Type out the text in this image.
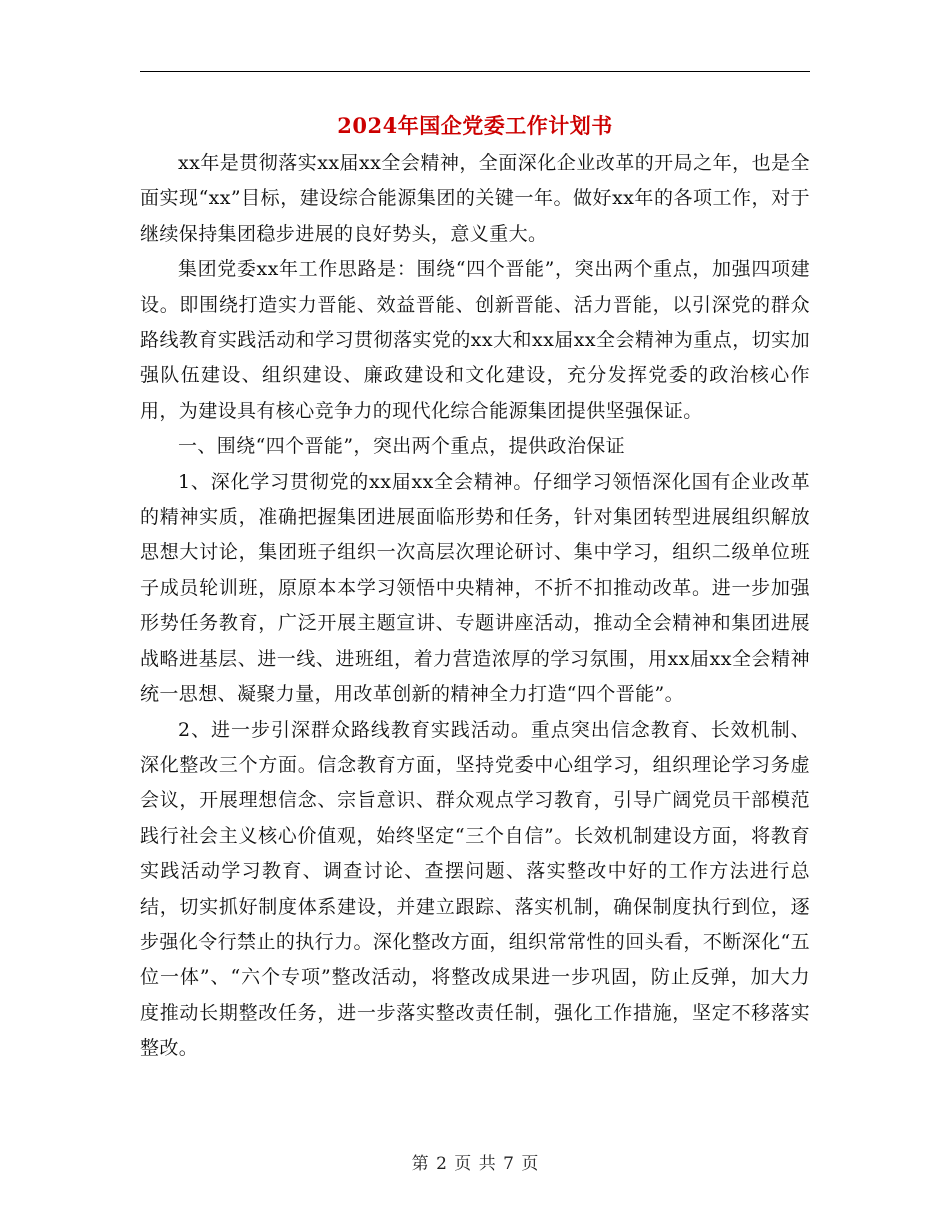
2024年国企党委工作计划书

xx年是贯彻落实xx届xx全会精神，全面深化企业改革的开局之年，也是全面实现“xx”目标，建设综合能源集团的关键一年。做好xx年的各项工作，对于继续保持集团稳步进展的良好势头，意义重大。

集团党委xx年工作思路是：围绕“四个晋能”，突出两个重点，加强四项建设。即围绕打造实力晋能、效益晋能、创新晋能、活力晋能，以引深党的群众路线教育实践活动和学习贯彻落实党的xx大和xx届xx全会精神为重点，切实加强队伍建设、组织建设、廉政建设和文化建设，充分发挥党委的政治核心作用，为建设具有核心竞争力的现代化综合能源集团提供坚强保证。

一、围绕“四个晋能”，突出两个重点，提供政治保证

1、深化学习贯彻党的xx届xx全会精神。仔细学习领悟深化国有企业改革的精神实质，准确把握集团进展面临形势和任务，针对集团转型进展组织解放思想大讨论，集团班子组织一次高层次理论研讨、集中学习，组织二级单位班子成员轮训班，原原本本学习领悟中央精神，不折不扣推动改革。进一步加强形势任务教育，广泛开展主题宣讲、专题讲座活动，推动全会精神和集团进展战略进基层、进一线、进班组，着力营造浓厚的学习氛围，用xx届xx全会精神统一思想、凝聚力量，用改革创新的精神全力打造“四个晋能”。

2、进一步引深群众路线教育实践活动。重点突出信念教育、长效机制、深化整改三个方面。信念教育方面，坚持党委中心组学习，组织理论学习务虚会议，开展理想信念、宗旨意识、群众观点学习教育，引导广阔党员干部模范践行社会主义核心价值观，始终坚定“三个自信”。长效机制建设方面，将教育实践活动学习教育、调查讨论、查摆问题、落实整改中好的工作方法进行总结，切实抓好制度体系建设，并建立跟踪、落实机制，确保制度执行到位，逐步强化令行禁止的执行力。深化整改方面，组织常常性的回头看，不断深化“五位一体”、“六个专项”整改活动，将整改成果进一步巩固，防止反弹，加大力度推动长期整改任务，进一步落实整改责任制，强化工作措施，坚定不移落实整改。

第 2 页 共 7 页
